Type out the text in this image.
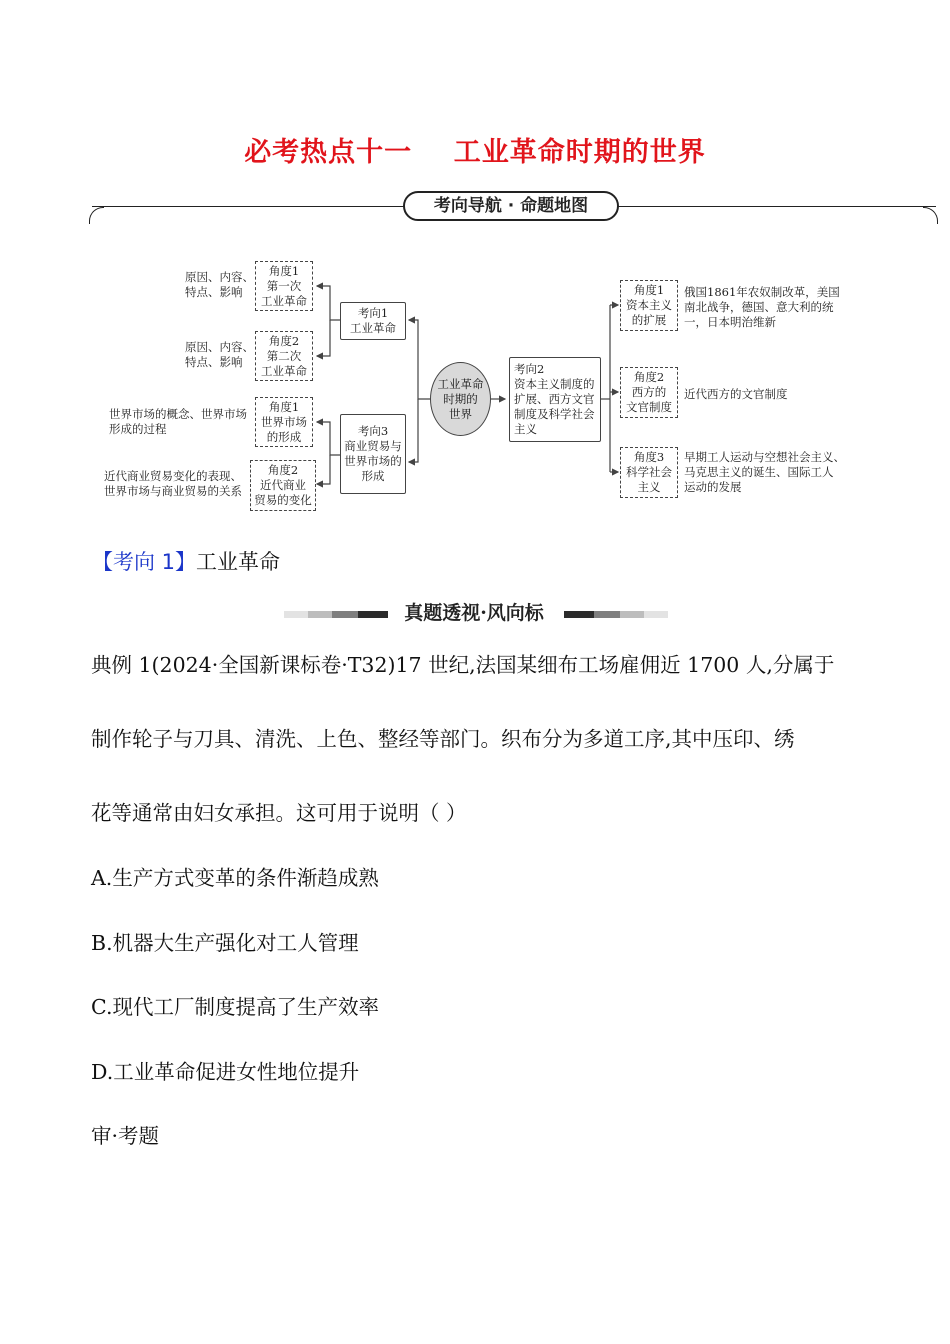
必考热点十一    工业革命时期的世界
考向导航 · 命题地图
原因、内容、
特点、影响
原因、内容、
特点、影响
世界市场的概念、世界市场
形成的过程
近代商业贸易变化的表现、
世界市场与商业贸易的关系
角度1
第一次
工业革命
角度2
第二次
工业革命
角度1
世界市场
的形成
角度2
近代商业
贸易的变化
考向1
工业革命
考向3
商业贸易与
世界市场的
形成
工业革命
时期的
世界
考向2
资本主义制度的
扩展、西方文官
制度及科学社会
主义
角度1
资本主义
的扩展
角度2
西方的
文官制度
角度3
科学社会
主义
俄国1861年农奴制改革，美国
南北战争，德国、意大利的统
一，日本明治维新
近代西方的文官制度
早期工人运动与空想社会主义、
马克思主义的诞生、国际工人
运动的发展
【考向 1】工业革命
真题透视·风向标
典例 1(2024·全国新课标卷·T32)17 世纪,法国某细布工场雇佣近 1700 人,分属于
制作轮子与刀具、清洗、上色、整经等部门。织布分为多道工序,其中压印、绣
花等通常由妇女承担。这可用于说明（ ）
A.生产方式变革的条件渐趋成熟
B.机器大生产强化对工人管理
C.现代工厂制度提高了生产效率
D.工业革命促进女性地位提升
审·考题
